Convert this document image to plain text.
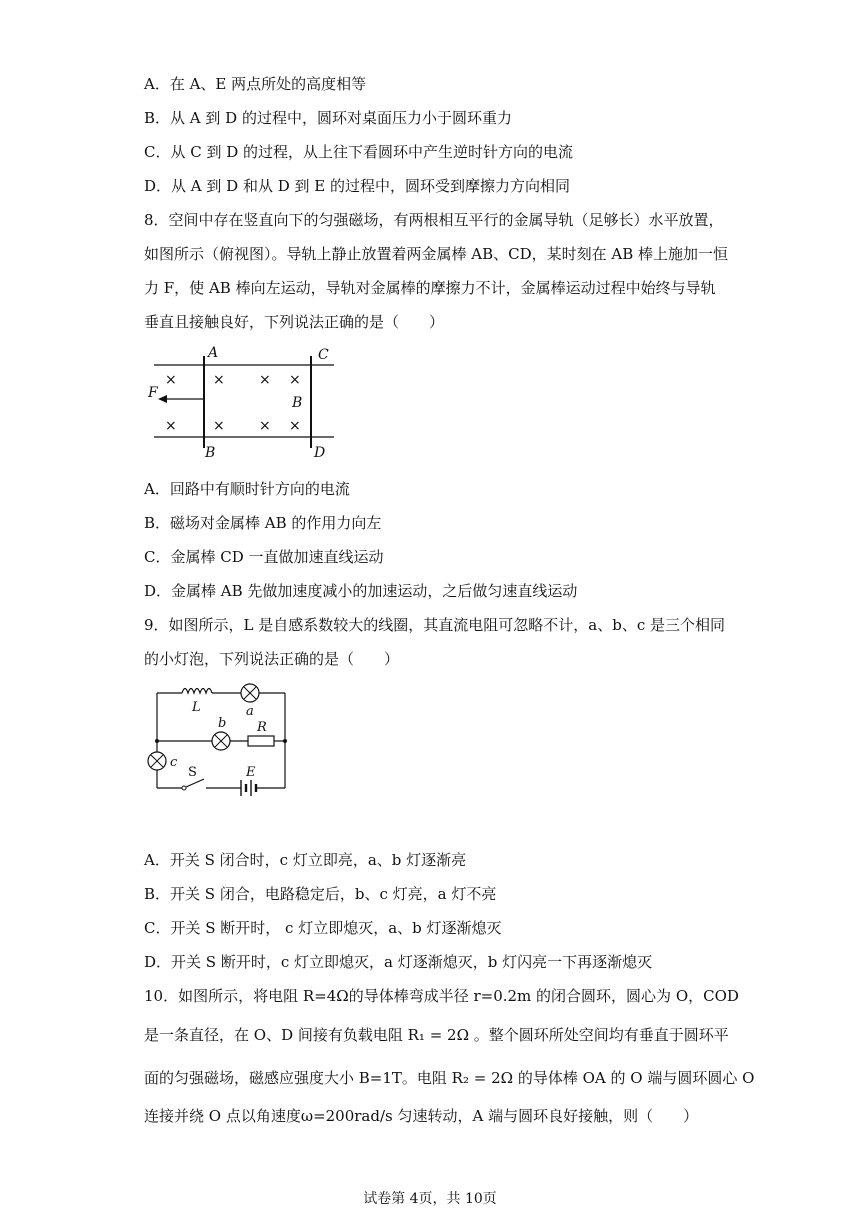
A．在 A、E 两点所处的高度相等
B．从 A 到 D 的过程中，圆环对桌面压力小于圆环重力
C．从 C 到 D 的过程，从上往下看圆环中产生逆时针方向的电流
D．从 A 到 D 和从 D 到 E 的过程中，圆环受到摩擦力方向相同
8．空间中存在竖直向下的匀强磁场，有两根相互平行的金属导轨（足够长）水平放置，
如图所示（俯视图）。导轨上静止放置着两金属棒 AB、CD，某时刻在 AB 棒上施加一恒
力 F，使 AB 棒向左运动，导轨对金属棒的摩擦力不计，金属棒运动过程中始终与导轨
垂直且接触良好，下列说法正确的是（　　）
×	× × ×
×	× × ×
A	C
F
B
B	D
A．回路中有顺时针方向的电流
B．磁场对金属棒 AB 的作用力向左
C．金属棒 CD 一直做加速直线运动
D．金属棒 AB 先做加速度减小的加速运动，之后做匀速直线运动
9．如图所示，L 是自感系数较大的线圈，其直流电阻可忽略不计，a、b、c 是三个相同
的小灯泡，下列说法正确的是（　　）
L	a
b R
c
E
S
A．开关 S 闭合时，c 灯立即亮，a、b 灯逐渐亮
B．开关 S 闭合，电路稳定后，b、c 灯亮，a 灯不亮
C．开关 S 断开时， c 灯立即熄灭，a、b 灯逐渐熄灭
D．开关 S 断开时，c 灯立即熄灭，a 灯逐渐熄灭，b 灯闪亮一下再逐渐熄灭
10．如图所示，将电阻 R=4Ω的导体棒弯成半径 r=0.2m 的闭合圆环，圆心为 O，COD
是一条直径，在 O、D 间接有负载电阻 R₁ = 2Ω 。整个圆环所处空间均有垂直于圆环平
面的匀强磁场，磁感应强度大小 B=1T。电阻 R₂ = 2Ω 的导体棒 OA 的 O 端与圆环圆心 O
连接并绕 O 点以角速度ω=200rad/s 匀速转动，A 端与圆环良好接触，则（　　）
试卷第 4页，共 10页
